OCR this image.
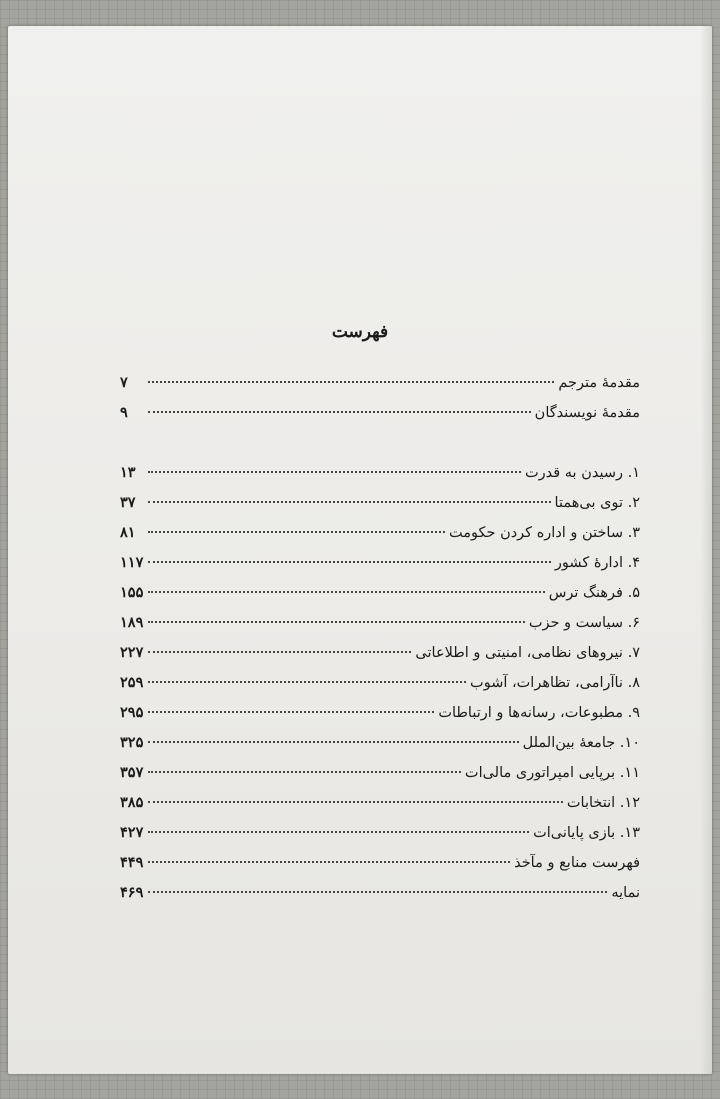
فهرست
مقدمهٔ مترجم
۷
مقدمهٔ نویسندگان
۹
۱. رسیدن به قدرت
۱۳
۲. توی بی‌همتا
۳۷
۳. ساختن و اداره کردن حکومت
۸۱
۴. ادارهٔ کشور
۱۱۷
۵. فرهنگ ترس
۱۵۵
۶. سیاست و حزب
۱۸۹
۷. نیروهای نظامی، امنیتی و اطلاعاتی
۲۲۷
۸. ناآرامی، تظاهرات، آشوب
۲۵۹
۹. مطبوعات، رسانه‌ها و ارتباطات
۲۹۵
۱۰. جامعهٔ بین‌الملل
۳۲۵
۱۱. برپایی امپراتوری مالی‌ات
۳۵۷
۱۲. انتخابات
۳۸۵
۱۳. بازی پایانی‌ات
۴۲۷
فهرست منابع و مآخذ
۴۴۹
نمایه
۴۶۹
